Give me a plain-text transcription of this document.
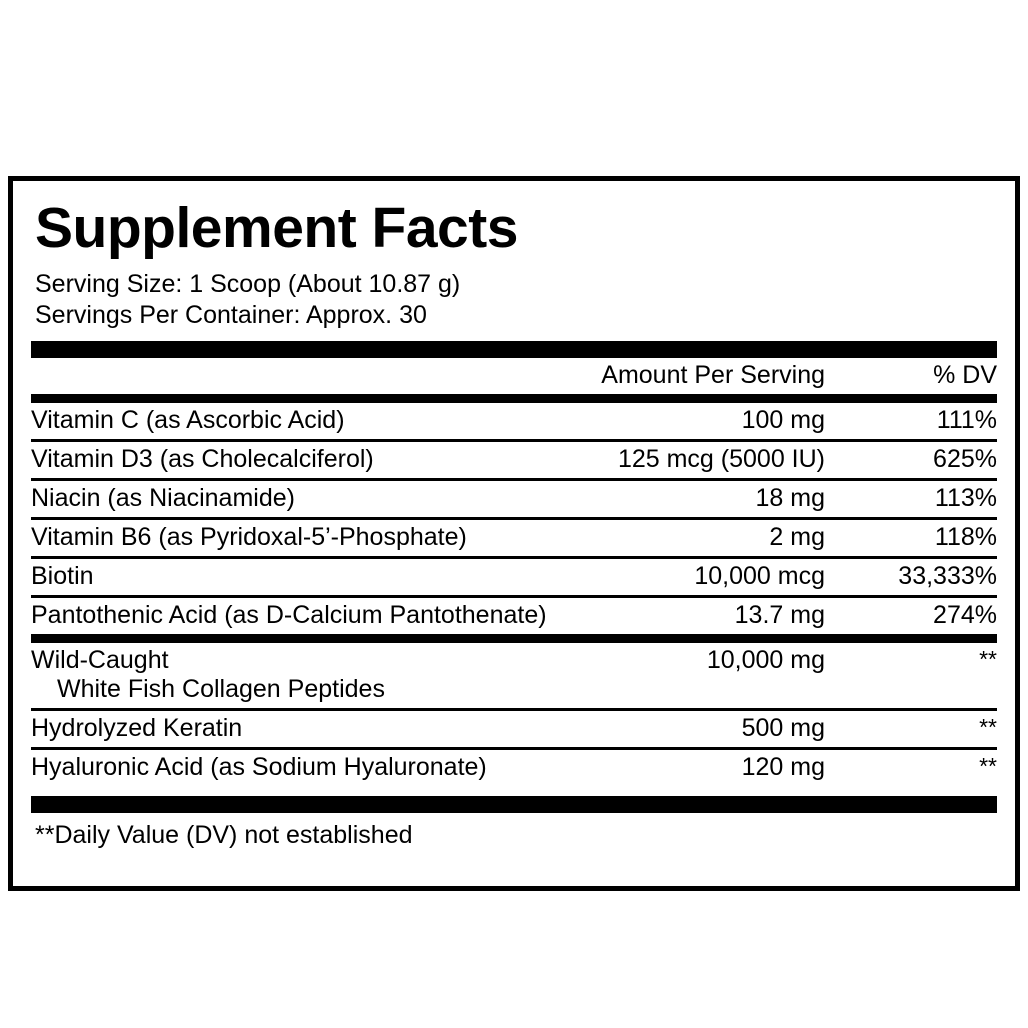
Supplement Facts
Serving Size: 1 Scoop (About 10.87 g)
Servings Per Container: Approx. 30
	Amount Per Serving	% DV
Vitamin C (as Ascorbic Acid)	100 mg	111%
Vitamin D3 (as Cholecalciferol)	125 mcg (5000 IU)	625%
Niacin (as Niacinamide)	18 mg	113%
Vitamin B6 (as Pyridoxal-5’-Phosphate)	2 mg	118%
Biotin	10,000 mcg	33,333%
Pantothenic Acid (as D-Calcium Pantothenate)	13.7 mg	274%
Wild-Caught
White Fish Collagen Peptides	10,000 mg	**
Hydrolyzed Keratin	500 mg	**
Hyaluronic Acid (as Sodium Hyaluronate)	120 mg	**
**Daily Value (DV) not established
